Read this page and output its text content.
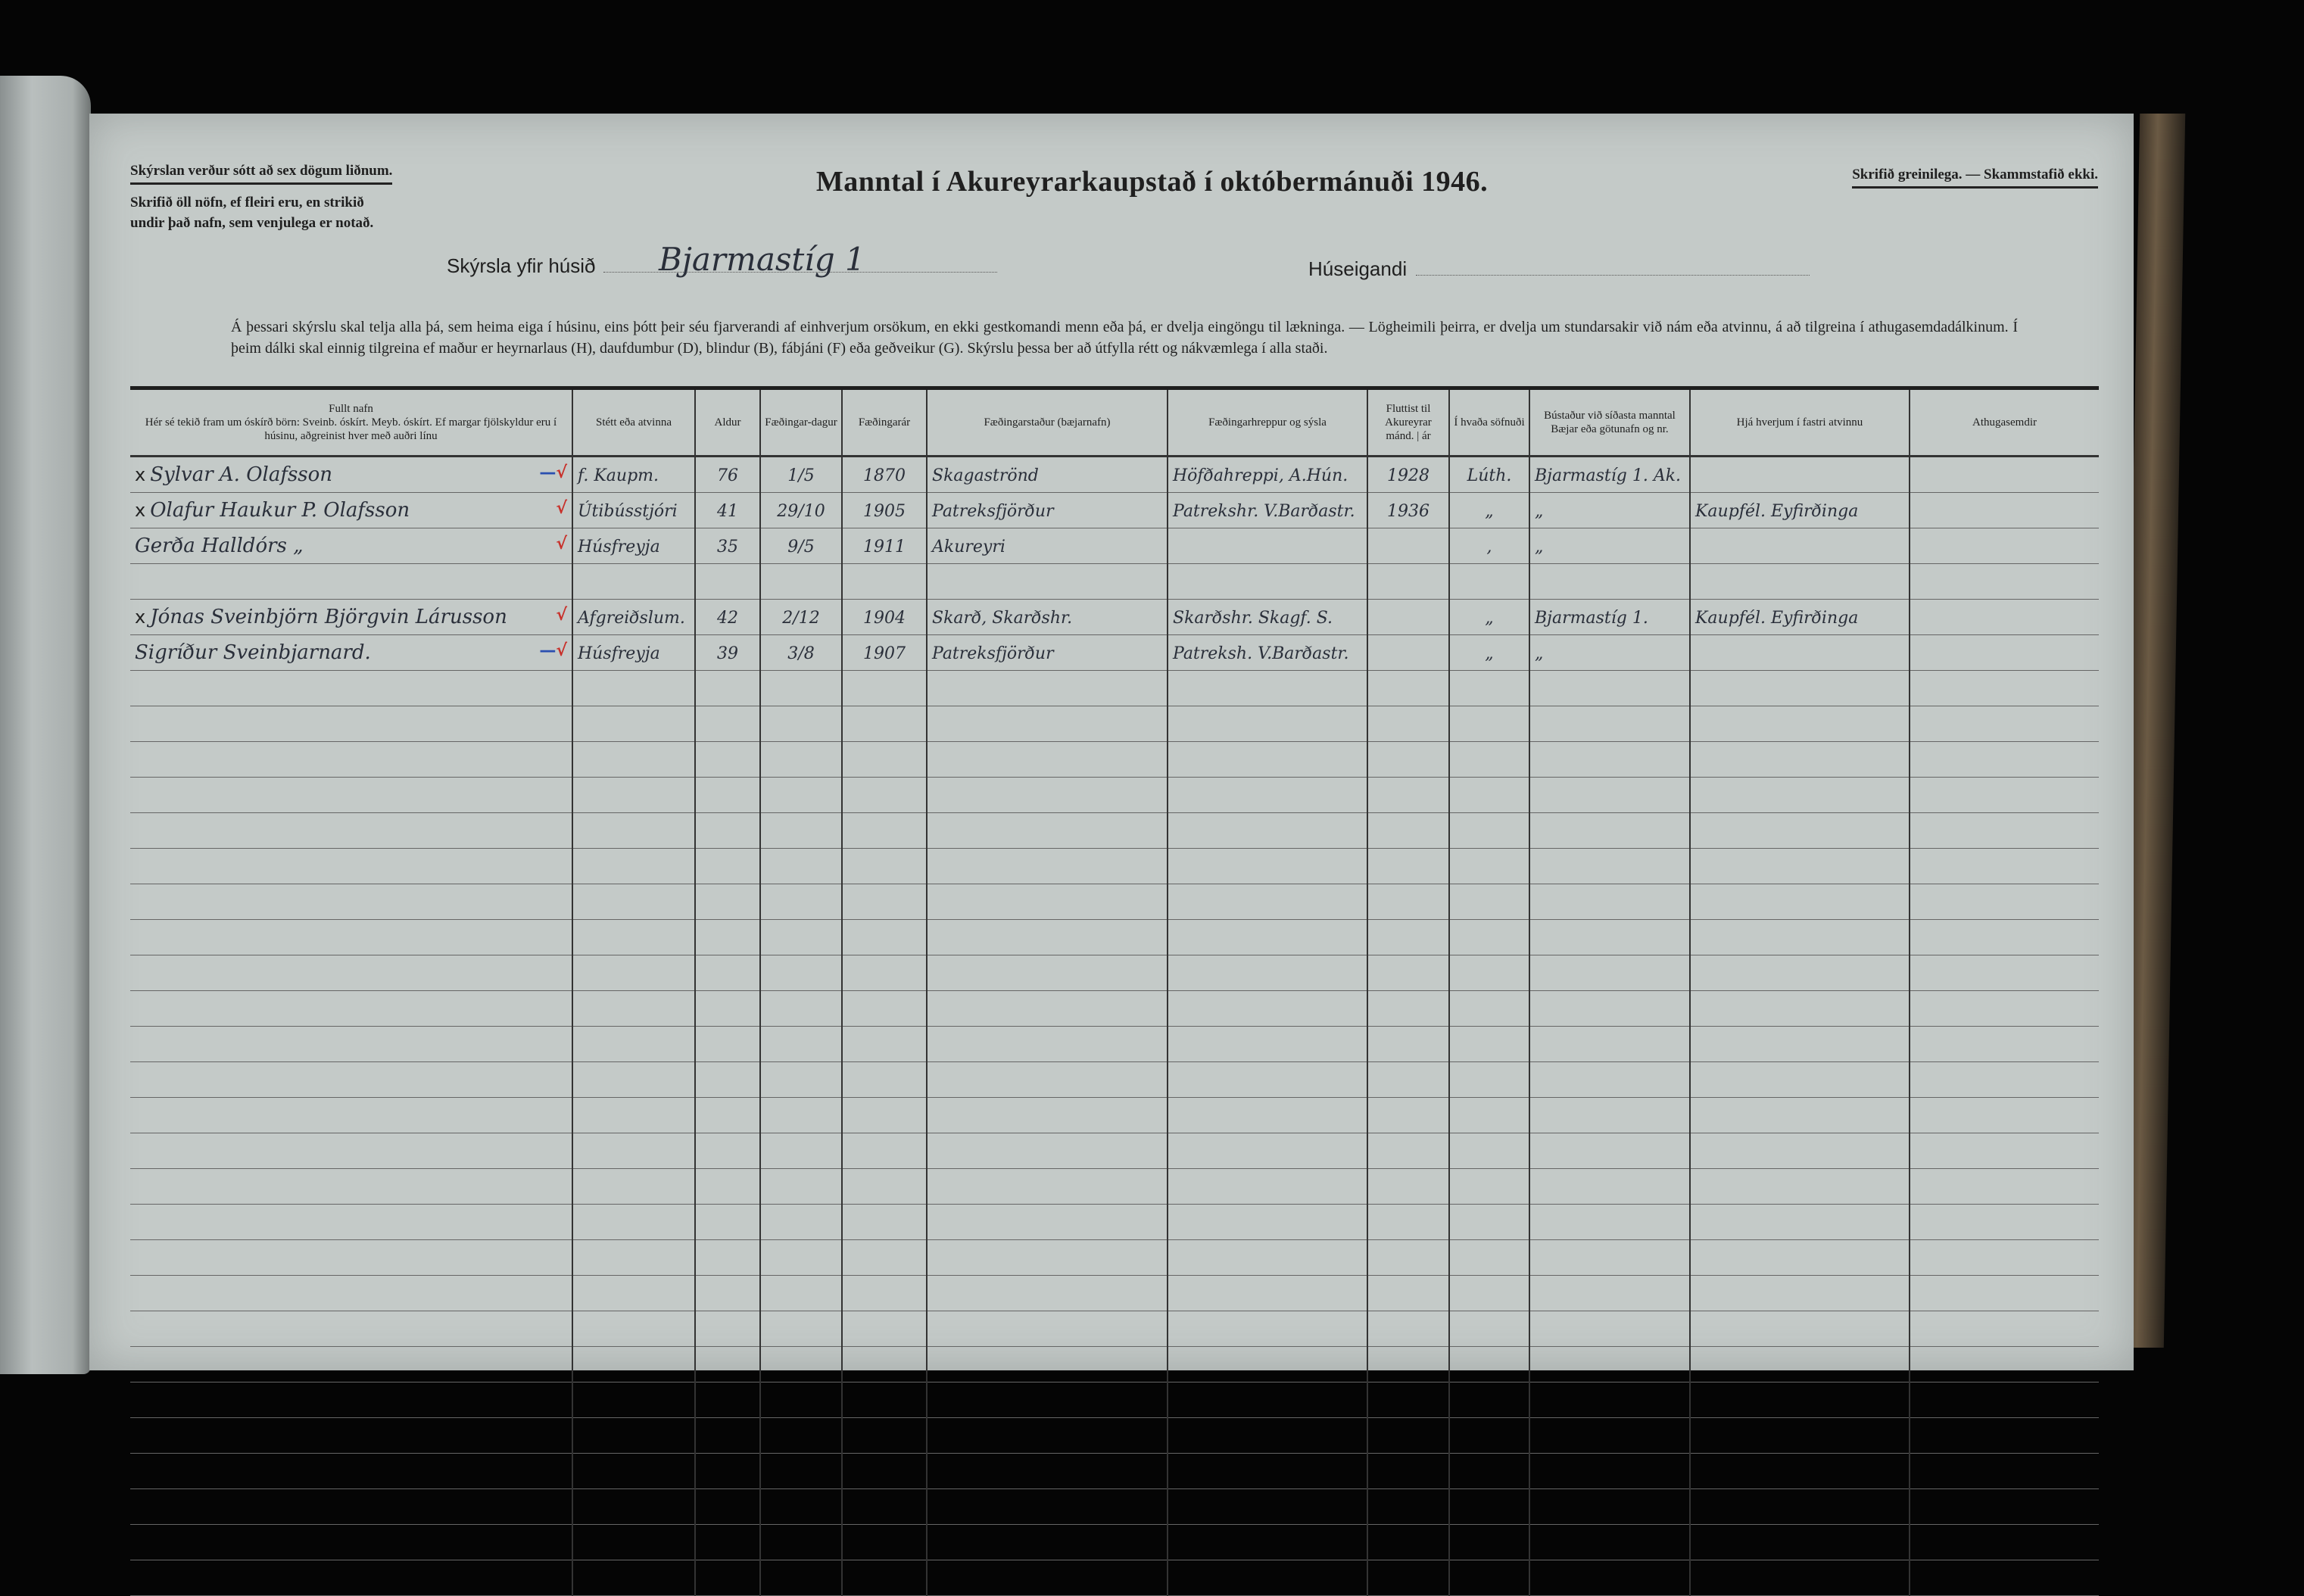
Skýrslan verður sótt að sex dögum liðnum.
Skrifið öll nöfn, ef fleiri eru, en strikið
undir það nafn, sem venjulega er notað.
Manntal í Akureyrarkaupstað í októbermánuði 1946.	Skrifið greinilega. — Skammstafið ekki.
Skýrsla yfir húsið	Bjarmastíg 1	Húseigandi
Á þessari skýrslu skal telja alla þá, sem heima eiga í húsinu, eins þótt þeir séu fjarverandi af einhverjum orsökum, en ekki gestkomandi menn eða þá, er dvelja eingöngu til lækninga. — Lögheimili þeirra, er dvelja um stundarsakir við nám eða atvinnu, á að tilgreina í athugasemdadálkinum. Í þeim dálki skal einnig tilgreina ef maður er heyrnarlaus (H), daufdumbur (D), blindur (B), fábjáni (F) eða geðveikur (G). Skýrslu þessa ber að útfylla rétt og nákvæmlega í alla staði.
Fullt nafn
Hér sé tekið fram um óskírð börn: Sveinb. óskírt. Meyb. óskírt. Ef margar fjölskyldur eru í húsinu, aðgreinist hver með auðri línu	Stétt eða atvinna	Aldur	Fæðingar-dagur	Fæðingarár	Fæðingarstaður (bæjarnafn)	Fæðingarhreppur og sýsla	Fluttist til Akureyrar mánd. | ár	Í hvaða söfnuði	Bústaður við síðasta manntal Bæjar eða götunafn og nr.	Hjá hverjum í fastri atvinnu	Athugasemdir
x Sylvar A. Olafsson —√	f. Kaupm.	76	1/5	1870	Skagaströnd	Höfðahreppi, A.Hún.	1928	Lúth.	Bjarmastíg 1. Ak.		
x Olafur Haukur P. Olafsson √	Útibússtjóri	41	29/10	1905	Patreksfjörður	Patrekshr. V.Barðastr.	1936	„	„	Kaupfél. Eyfirðinga	
Gerða Halldórs „ √	Húsfreyja	35	9/5	1911	Akureyri			,	„		

x Jónas Sveinbjörn Björgvin Lárusson √	Afgreiðslum.	42	2/12	1904	Skarð, Skarðshr.	Skarðshr. Skagf. S.		„	Bjarmastíg 1.	Kaupfél. Eyfirðinga	
Sigríður Sveinbjarnard. —√	Húsfreyja	39	3/8	1907	Patreksfjörður	Patreksh. V.Barðastr.		„	„		
